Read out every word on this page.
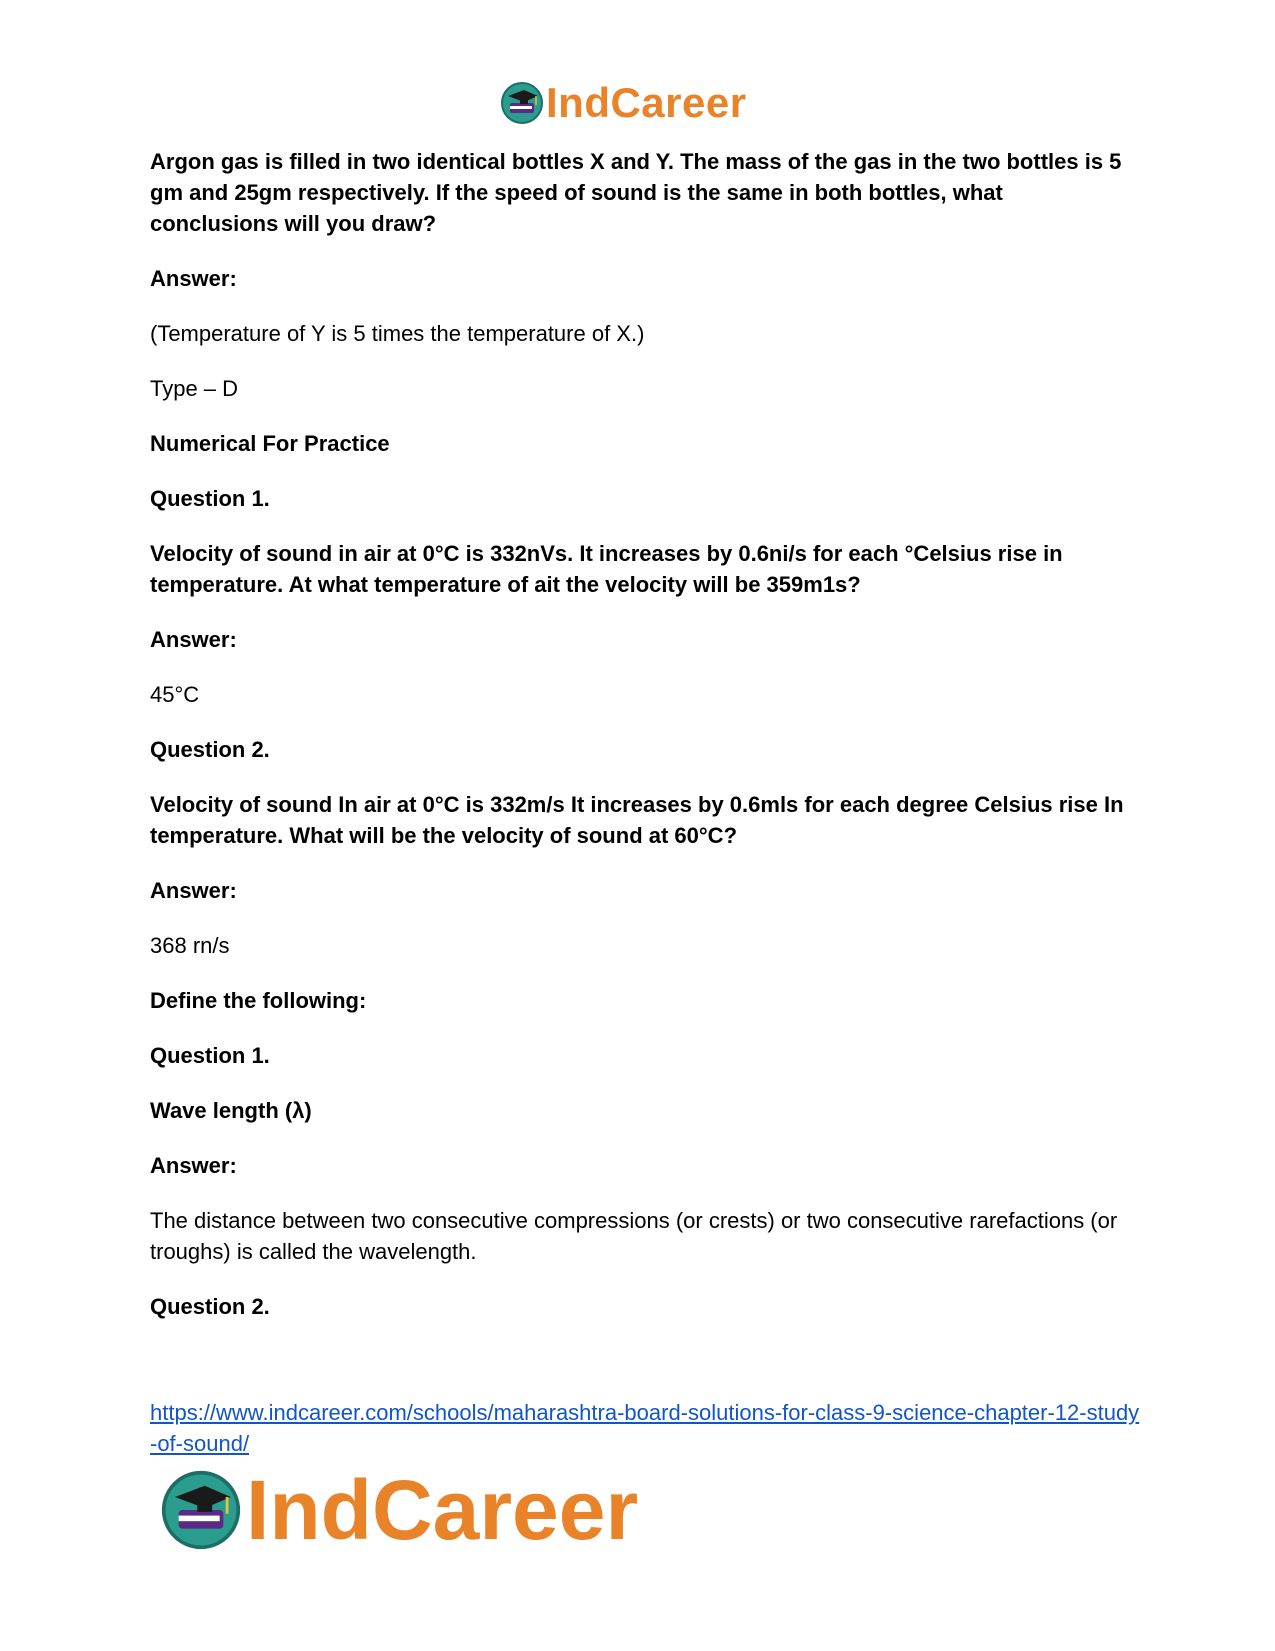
IndCareer

Argon gas is filled in two identical bottles X and Y. The mass of the gas in the two bottles is 5 gm and 25gm respectively. If the speed of sound is the same in both bottles, what conclusions will you draw?

Answer:

(Temperature of Y is 5 times the temperature of X.)

Type – D

Numerical For Practice

Question 1.

Velocity of sound in air at 0°C is 332nVs. It increases by 0.6ni/s for each °Celsius rise in temperature. At what temperature of ait the velocity will be 359m1s?

Answer:

45°C

Question 2.

Velocity of sound In air at 0°C is 332m/s It increases by 0.6mls for each degree Celsius rise In temperature. What will be the velocity of sound at 60°C?

Answer:

368 rn/s

Define the following:

Question 1.

Wave length (λ)

Answer:

The distance between two consecutive compressions (or crests) or two consecutive rarefactions (or troughs) is called the wavelength.

Question 2.

https://www.indcareer.com/schools/maharashtra-board-solutions-for-class-9-science-chapter-12-study-of-sound/
IndCareer
